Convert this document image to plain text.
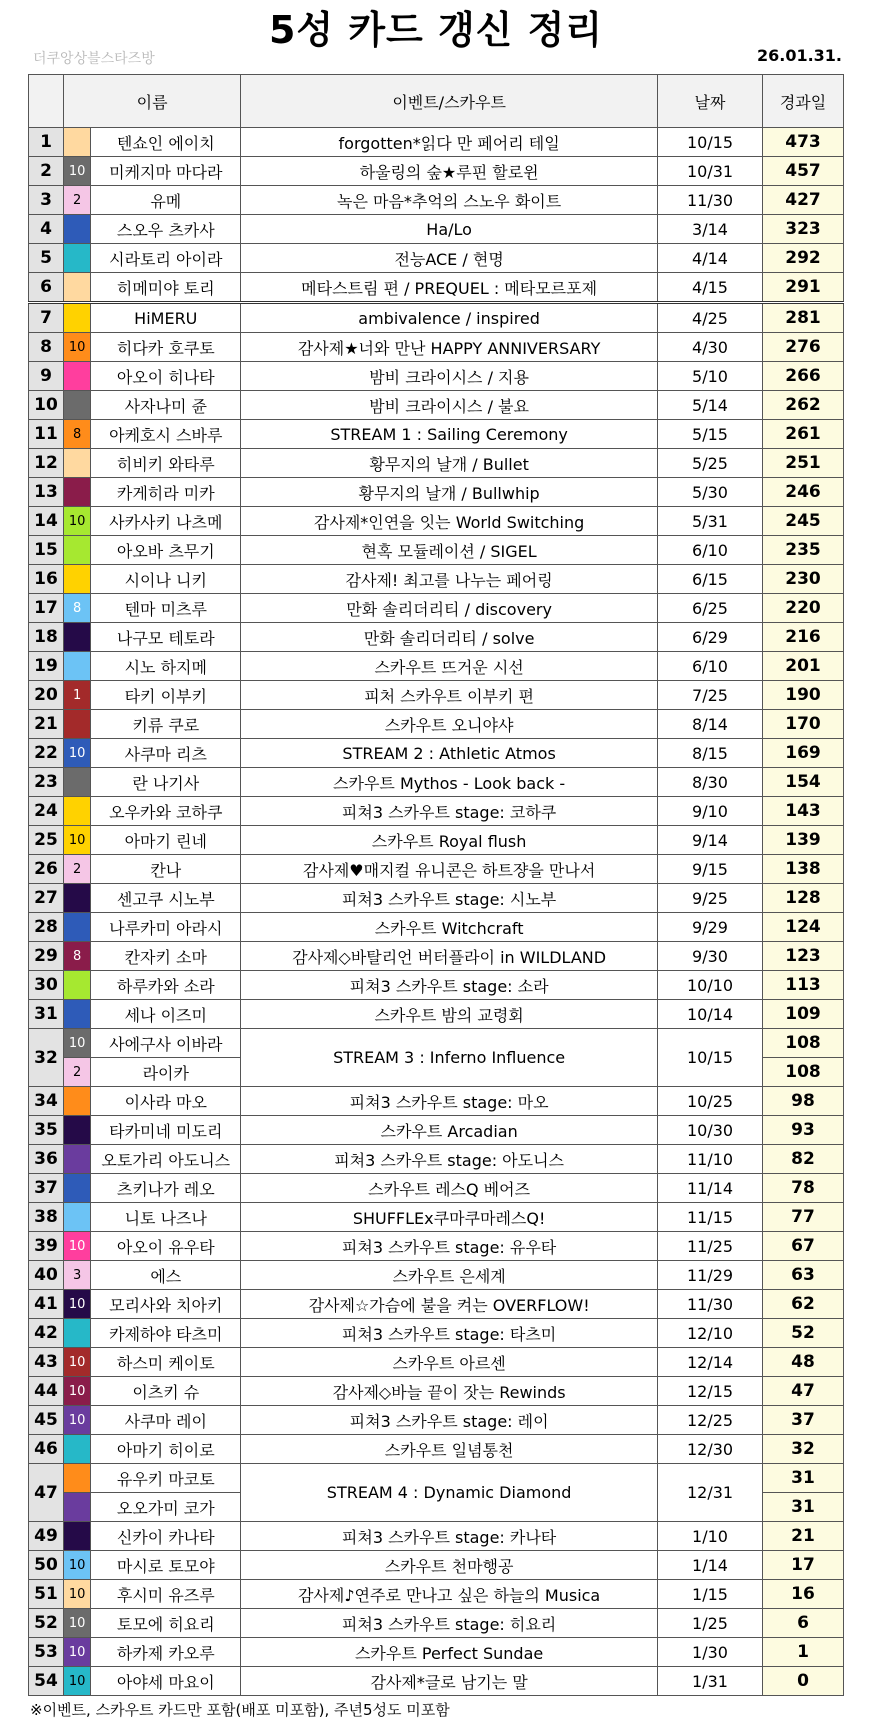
5성 카드 갱신 정리
더쿠앙상블스타즈방	26.01.31.
	이름		이벤트/스카우트	날짜	경과일
1		텐쇼인 에이치	forgotten*읽다 만 페어리 테일	10/15	473
2	10	미케지마 마다라	하울링의 숲★루핀 할로윈	10/31	457
3	2	유메	녹은 마음*추억의 스노우 화이트	11/30	427
4		스오우 츠카사	Ha/Lo	3/14	323
5		시라토리 아이라	전능ACE / 현명	4/14	292
6		히메미야 토리	메타스트림 편 / PREQUEL : 메타모르포제	4/15	291
7		HiMERU	ambivalence / inspired	4/25	281
8	10	히다카 호쿠토	감사제★너와 만난 HAPPY ANNIVERSARY	4/30	276
9		아오이 히나타	밤비 크라이시스 / 지용	5/10	266
10		사자나미 쥰	밤비 크라이시스 / 불요	5/14	262
11	8	아케호시 스바루	STREAM 1 : Sailing Ceremony	5/15	261
12		히비키 와타루	황무지의 날개 / Bullet	5/25	251
13		카게히라 미카	황무지의 날개 / Bullwhip	5/30	246
14	10	사카사키 나츠메	감사제*인연을 잇는 World Switching	5/31	245
15		아오바 츠무기	현혹 모듈레이션 / SIGEL	6/10	235
16		시이나 니키	감사제! 최고를 나누는 페어링	6/15	230
17	8	텐마 미츠루	만화 솔리더리티 / discovery	6/25	220
18		나구모 테토라	만화 솔리더리티 / solve	6/29	216
19		시노 하지메	스카우트 뜨거운 시선	6/10	201
20	1	타키 이부키	피처 스카우트 이부키 편	7/25	190
21		키류 쿠로	스카우트 오니야샤	8/14	170
22	10	사쿠마 리츠	STREAM 2 : Athletic Atmos	8/15	169
23		란 나기사	스카우트 Mythos - Look back -	8/30	154
24		오우카와 코하쿠	피쳐3 스카우트 stage: 코하쿠	9/10	143
25	10	아마기 린네	스카우트 Royal flush	9/14	139
26	2	칸나	감사제♥매지컬 유니콘은 하트쟝을 만나서	9/15	138
27		센고쿠 시노부	피쳐3 스카우트 stage: 시노부	9/25	128
28		나루카미 아라시	스카우트 Witchcraft	9/29	124
29	8	칸자키 소마	감사제◇바탈리언 버터플라이 in WILDLAND	9/30	123
30		하루카와 소라	피쳐3 스카우트 stage: 소라	10/10	113
31		세나 이즈미	스카우트 밤의 교령회	10/14	109
32	10	사에구사 이바라	STREAM 3 : Inferno Influence	10/15	108
	2	라이카			108
34		이사라 마오	피쳐3 스카우트 stage: 마오	10/25	98
35		타카미네 미도리	스카우트 Arcadian	10/30	93
36		오토가리 아도니스	피쳐3 스카우트 stage: 아도니스	11/10	82
37		츠키나가 레오	스카우트 레스Q 베어즈	11/14	78
38		니토 나즈나	SHUFFLEx쿠마쿠마레스Q!	11/15	77
39	10	아오이 유우타	피쳐3 스카우트 stage: 유우타	11/25	67
40	3	에스	스카우트 은세계	11/29	63
41	10	모리사와 치아키	감사제☆가슴에 불을 켜는 OVERFLOW!	11/30	62
42		카제하야 타츠미	피쳐3 스카우트 stage: 타츠미	12/10	52
43	10	하스미 케이토	스카우트 아르센	12/14	48
44	10	이츠키 슈	감사제◇바늘 끝이 잣는 Rewinds	12/15	47
45	10	사쿠마 레이	피쳐3 스카우트 stage: 레이	12/25	37
46		아마기 히이로	스카우트 일념통천	12/30	32
47		유우키 마코토	STREAM 4 : Dynamic Diamond	12/31	31
		오오가미 코가			31
49		신카이 카나타	피쳐3 스카우트 stage: 카나타	1/10	21
50	10	마시로 토모야	스카우트 천마행공	1/14	17
51	10	후시미 유즈루	감사제♪연주로 만나고 싶은 하늘의 Musica	1/15	16
52	10	토모에 히요리	피쳐3 스카우트 stage: 히요리	1/25	6
53	10	하카제 카오루	스카우트 Perfect Sundae	1/30	1
54	10	아야세 마요이	감사제*글로 남기는 말	1/31	0
※이벤트, 스카우트 카드만 포함(배포 미포함), 주년5성도 미포함
